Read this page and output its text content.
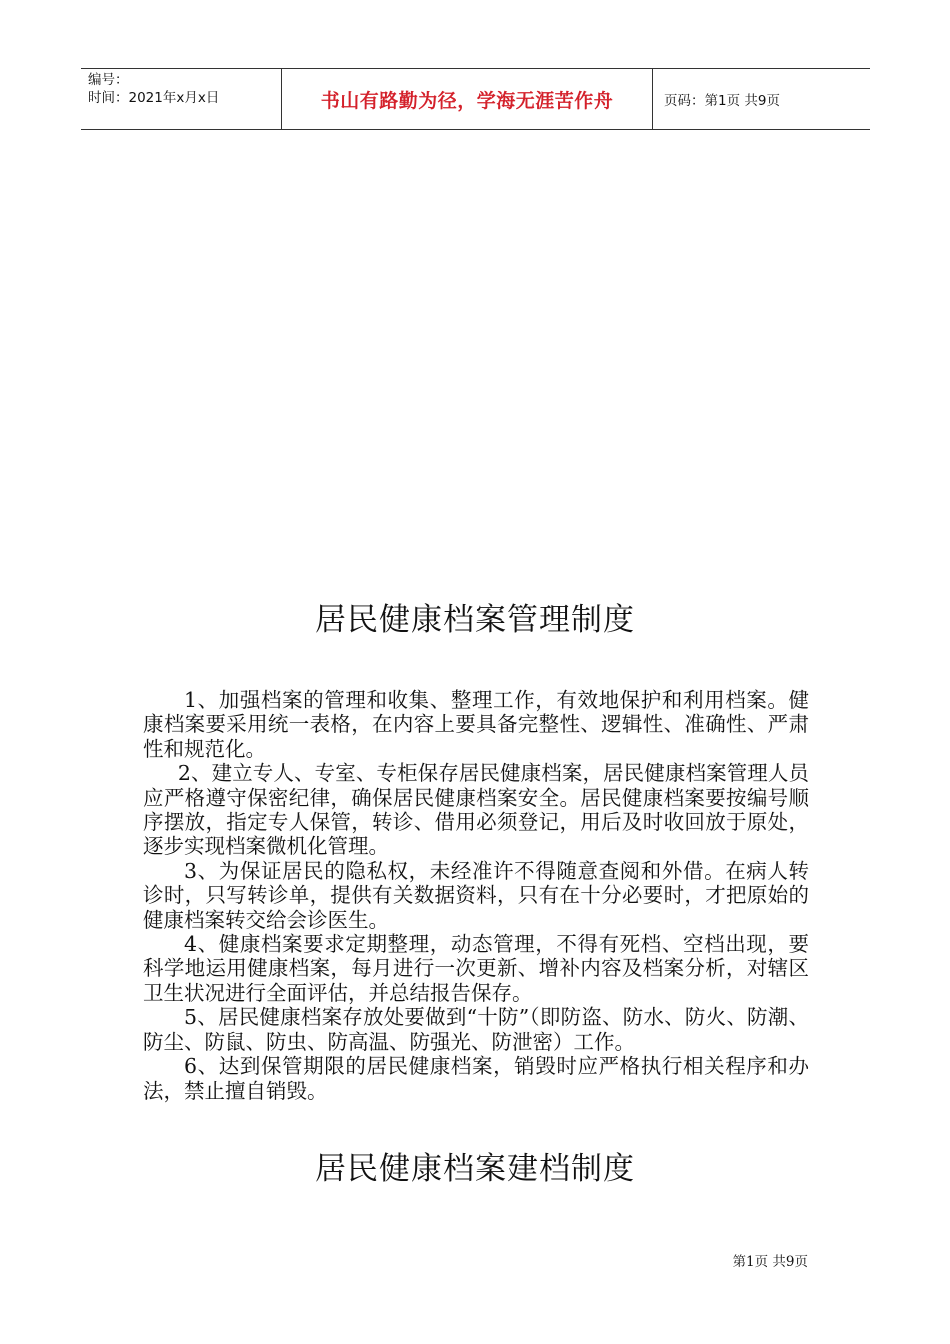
编号：
时间：2021年x月x日	书山有路勤为径，学海无涯苦作舟	页码：第1页 共9页
居民健康档案管理制度

1、加强档案的管理和收集、整理工作，有效地保护和利用档案。健康档案要采用统一表格，在内容上要具备完整性、逻辑性、准确性、严肃性和规范化。

2、建立专人、专室、专柜保存居民健康档案，居民健康档案管理人员应严格遵守保密纪律，确保居民健康档案安全。居民健康档案要按编号顺序摆放，指定专人保管，转诊、借用必须登记，用后及时收回放于原处，逐步实现档案微机化管理。

3、为保证居民的隐私权，未经准许不得随意查阅和外借。在病人转诊时，只写转诊单，提供有关数据资料，只有在十分必要时，才把原始的健康档案转交给会诊医生。

4、健康档案要求定期整理，动态管理，不得有死档、空档出现，要科学地运用健康档案，每月进行一次更新、增补内容及档案分析，对辖区卫生状况进行全面评估，并总结报告保存。

5、居民健康档案存放处要做到“十防”（即防盗、防水、防火、防潮、防尘、防鼠、防虫、防高温、防强光、防泄密）工作。

6、达到保管期限的居民健康档案，销毁时应严格执行相关程序和办法，禁止擅自销毁。

居民健康档案建档制度
第1页 共9页
